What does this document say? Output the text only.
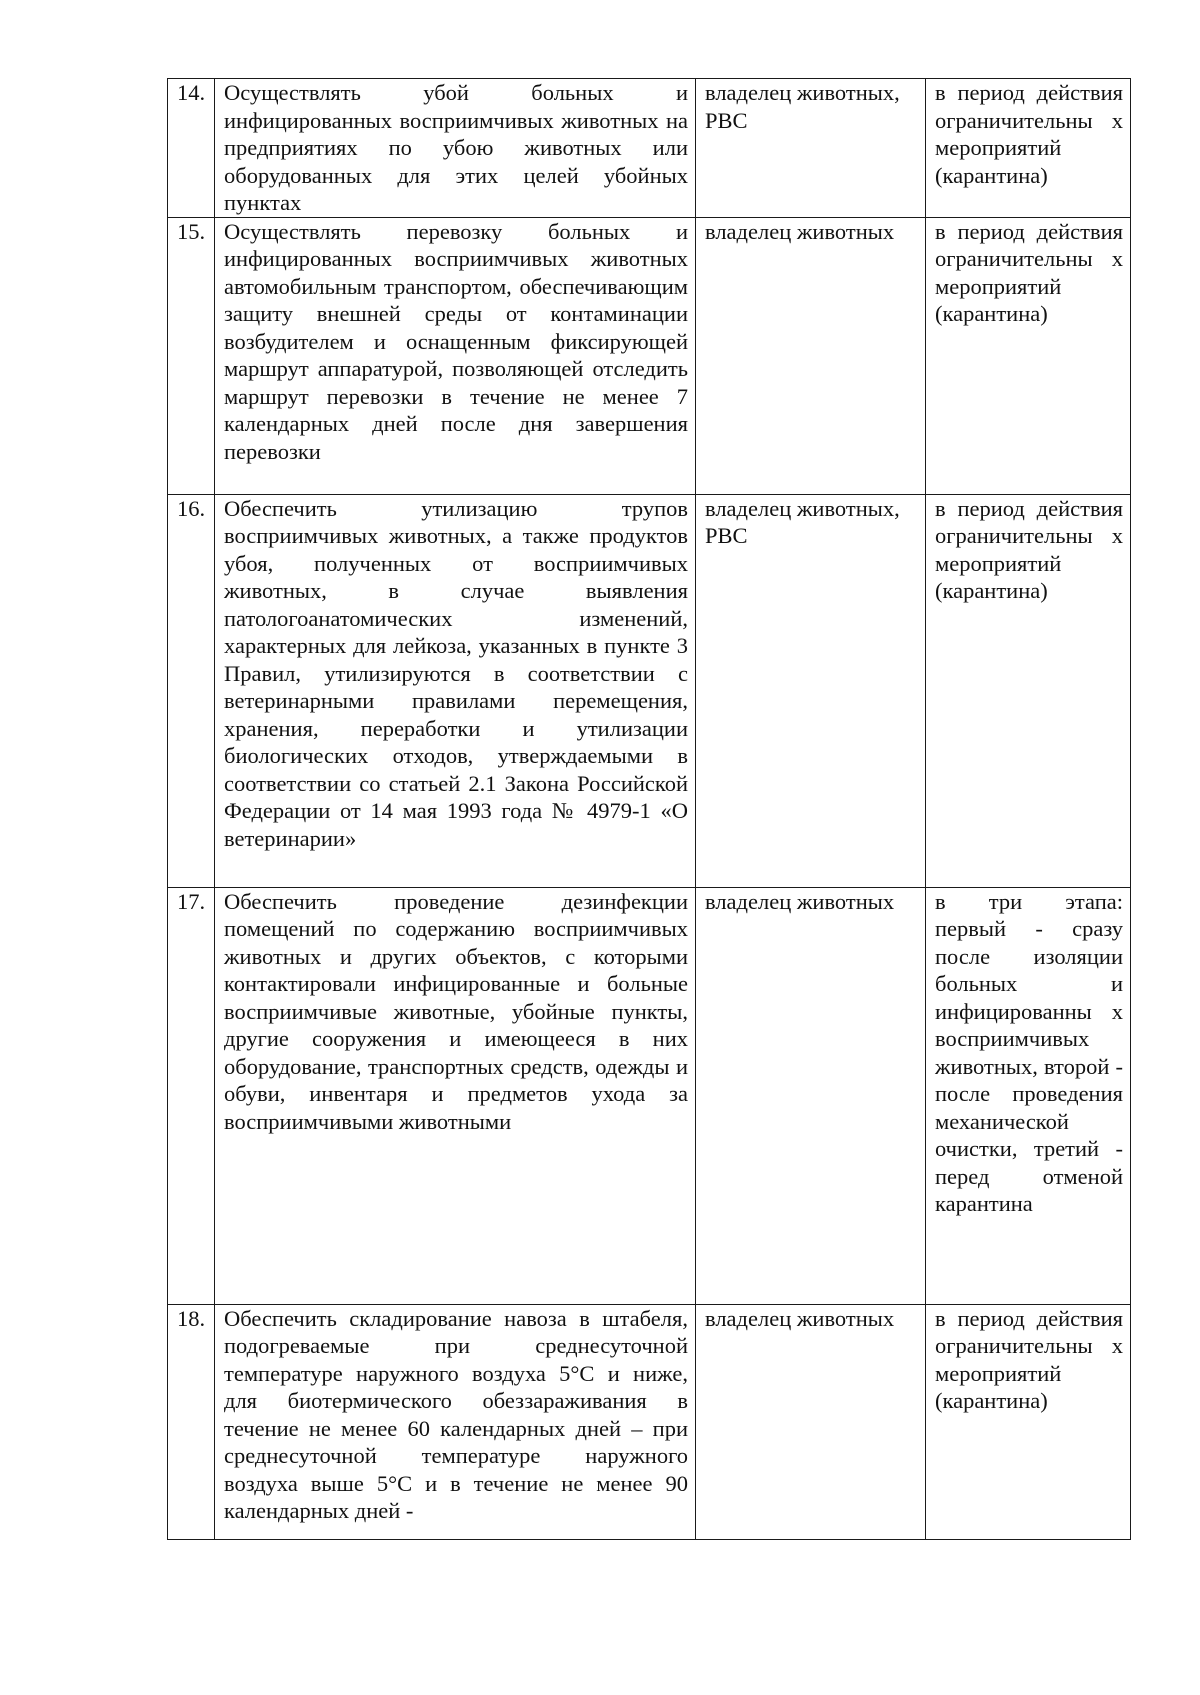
14.	Осуществлять убой больных и инфицированных восприимчивых животных на предприятиях по убою животных или оборудованных для этих целей убойных пунктах	владелец животных, РВС	в период действия ограничительны х мероприятий (карантина)
15.	Осуществлять перевозку больных и инфицированных восприимчивых животных автомобильным транспортом, обеспечивающим защиту внешней среды от контаминации возбудителем и оснащенным фиксирующей маршрут аппаратурой, позволяющей отследить маршрут перевозки в течение не менее 7 календарных дней после дня завершения перевозки	владелец животных	в период действия ограничительны х мероприятий (карантина)
16.	Обеспечить утилизацию трупов восприимчивых животных, а также продуктов убоя, полученных от восприимчивых животных, в случае выявления патологоанатомических изменений, характерных для лейкоза, указанных в пункте 3 Правил, утилизируются в соответствии с ветеринарными правилами перемещения, хранения, переработки и утилизации биологических отходов, утверждаемыми в соответствии со статьей 2.1 Закона Российской Федерации от 14 мая 1993 года № 4979-1 «О ветеринарии»	владелец животных, РВС	в период действия ограничительны х мероприятий (карантина)
17.	Обеспечить проведение дезинфекции помещений по содержанию восприимчивых животных и других объектов, с которыми контактировали инфицированные и больные восприимчивые животные, убойные пункты, другие сооружения и имеющееся в них оборудование, транспортных средств, одежды и обуви, инвентаря и предметов ухода за восприимчивыми животными	владелец животных	в три этапа: первый - сразу после изоляции больных и инфицированны х восприимчивых животных, второй - после проведения механической очистки, третий - перед отменой карантина
18.	Обеспечить складирование навоза в штабеля, подогреваемые при среднесуточной температуре наружного воздуха 5°С и ниже, для биотермического обеззараживания в течение не менее 60 календарных дней – при среднесуточной температуре наружного воздуха выше 5°С и в течение не менее 90 календарных дней -	владелец животных	в период действия ограничительны х мероприятий (карантина)
